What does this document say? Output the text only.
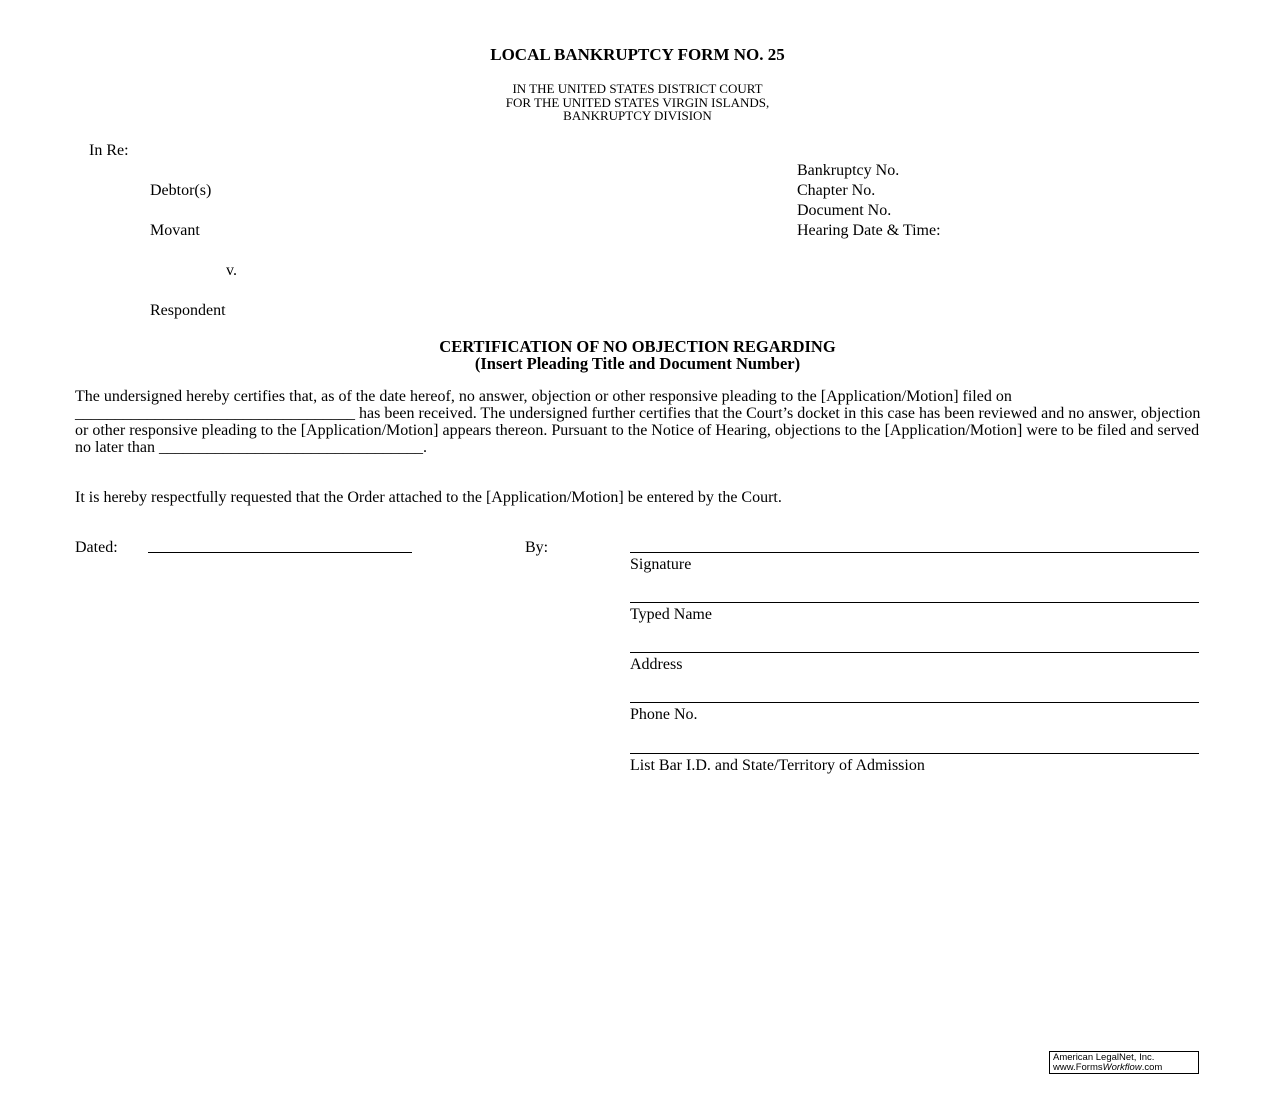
LOCAL BANKRUPTCY FORM NO. 25
IN THE UNITED STATES DISTRICT COURT
FOR THE UNITED STATES VIRGIN ISLANDS,
BANKRUPTCY DIVISION
In Re:
Debtor(s)
Movant
v.
Respondent
Bankruptcy No.
Chapter No.
Document No.
Hearing Date & Time:
CERTIFICATION OF NO OBJECTION REGARDING
(Insert Pleading Title and Document Number)
The undersigned hereby certifies that, as of the date hereof, no answer, objection or other responsive pleading to the [Application/Motion] filed on ___________________________________ has been received. The undersigned further certifies that the Court’s docket in this case has been reviewed and no answer, objection or other responsive pleading to the [Application/Motion] appears thereon. Pursuant to the Notice of Hearing, objections to the [Application/Motion] were to be filed and served no later than _________________________________.
It is hereby respectfully requested that the Order attached to the [Application/Motion] be entered by the Court.
Dated:	By:
Signature
Typed Name
Address
Phone No.
List Bar I.D. and State/Territory of Admission
American LegalNet, Inc.
www.FormsWorkflow.com
